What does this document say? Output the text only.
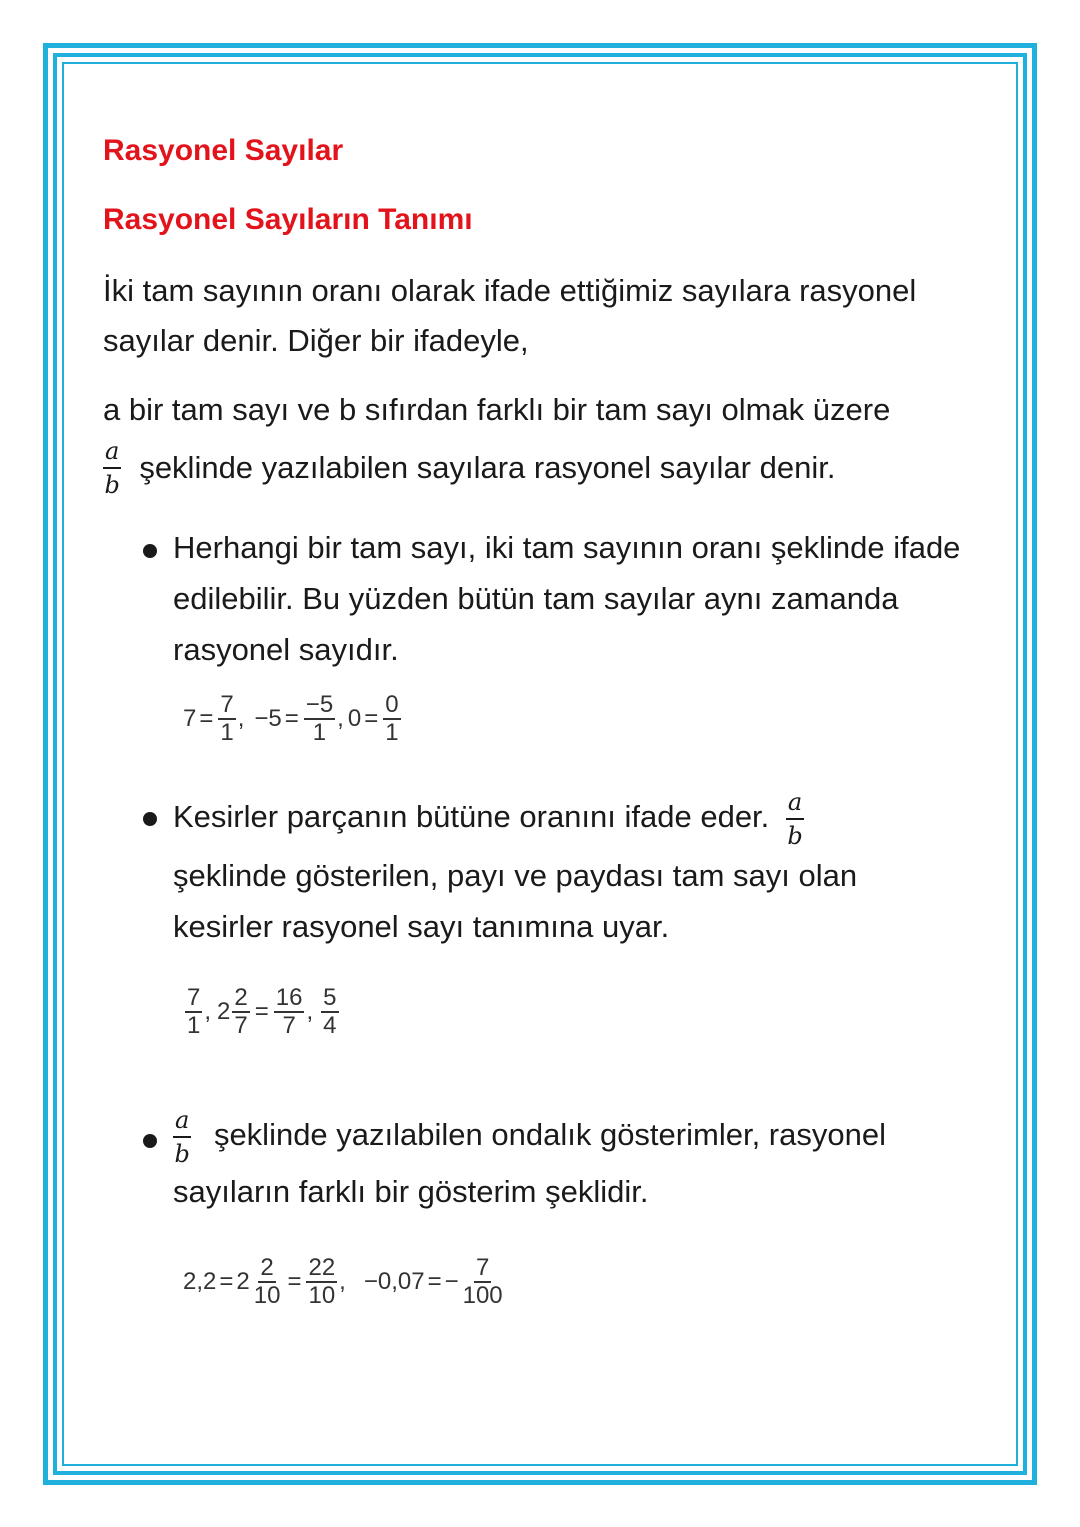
Rasyonel Sayılar
Rasyonel Sayıların Tanımı

İki tam sayının oranı olarak ifade ettiğimiz sayılara rasyonel sayılar denir. Diğer bir ifadeyle,

a bir tam sayı ve b sıfırdan farklı bir tam sayı olmak üzere
$\frac{a}{b}$ şeklinde yazılabilen sayılara rasyonel sayılar denir.

Herhangi bir tam sayı, iki tam sayının oranı şeklinde ifade edilebilir. Bu yüzden bütün tam sayılar aynı zamanda rasyonel sayıdır.

$7 = \frac{7}{1}$ , $-5 = \frac{-5}{1}$ , $0 = \frac{0}{1}$
Kesirler parçanın bütüne oranını ifade eder. $\frac{a}{b}$
şeklinde gösterilen, payı ve paydası tam sayı olan kesirler rasyonel sayı tanımına uyar.
7
1
, $2 \frac{2}{7} = \frac{16}{7}$ ,
5
4
$\frac{a}{b}$ şeklinde yazılabilen ondalık gösterimler, rasyonel sayıların farklı bir gösterim şeklidir.
$2,2 = 2 \frac{2}{10} = \frac{22}{10}$ , −0,07 = − $\frac{7}{100}$
